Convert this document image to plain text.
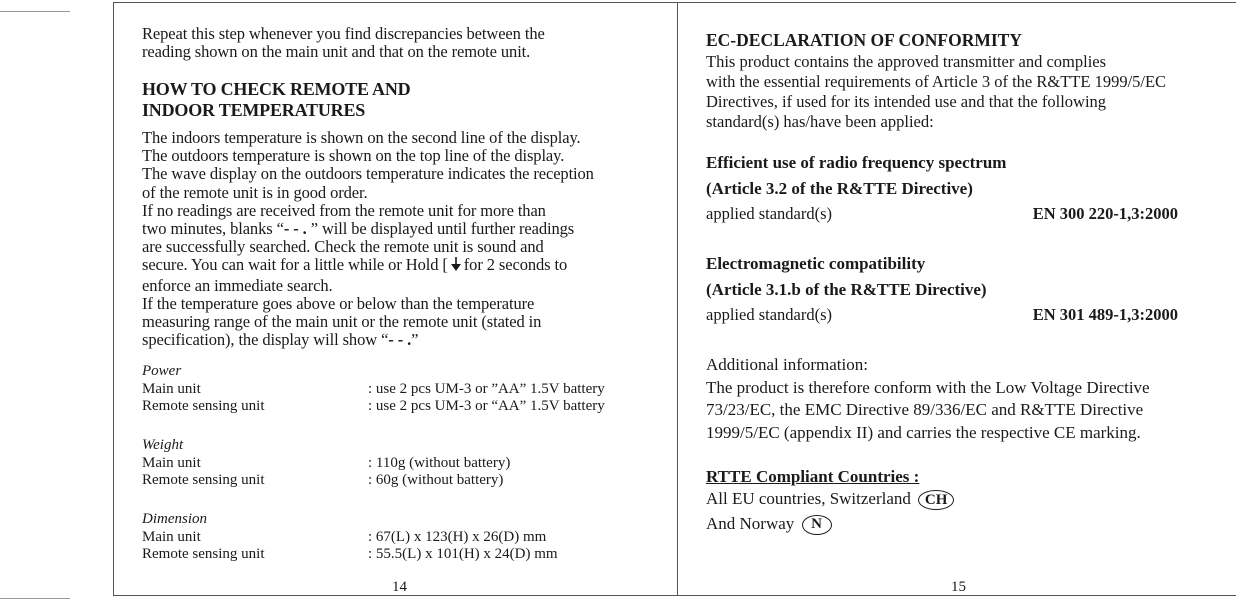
Repeat this step whenever you find discrepancies between the

reading shown on the main unit and that on the remote unit.

HOW TO CHECK REMOTE AND
INDOOR TEMPERATURES

The indoors temperature is shown on the second line of the display.

The outdoors temperature is shown on the top line of the display.

The wave display on the outdoors temperature indicates the reception

of the remote unit is in good order.

If no readings are received from the remote unit for more than

two minutes, blanks “- - . ” will be displayed until further readings

are successfully searched. Check the remote unit is sound and

secure. You can wait for a little while or Hold [ for 2 seconds to

enforce an immediate search.

If the temperature goes above or below than the temperature

measuring range of the main unit or the remote unit (stated in

specification), the display will show “- - .”

Power
Main unit	: use 2 pcs UM-3 or ”AA” 1.5V battery
Remote sensing unit	: use 2 pcs UM-3 or “AA” 1.5V battery
Weight
Main unit	: 110g (without battery)
Remote sensing unit	: 60g (without battery)
Dimension
Main unit	: 67(L) x 123(H) x 26(D) mm
Remote sensing unit	: 55.5(L) x 101(H) x 24(D) mm
14
EC-DECLARATION OF CONFORMITY

This product contains the approved transmitter and complies

with the essential requirements of Article 3 of the R&TTE 1999/5/EC

Directives, if used for its intended use and that the following

standard(s) has/have been applied:

Efficient use of radio frequency spectrum

(Article 3.2 of the R&TTE Directive)

applied standard(s)	EN 300 220-1,3:2000
Electromagnetic compatibility

(Article 3.1.b of the R&TTE Directive)

applied standard(s)	EN 301 489-1,3:2000

Additional information:

The product is therefore conform with the Low Voltage Directive

73/23/EC, the EMC Directive 89/336/EC and R&TTE Directive

1999/5/EC (appendix II) and carries the respective CE marking.

RTTE Compliant Countries :

All EU countries, Switzerland CH

And Norway N

15
